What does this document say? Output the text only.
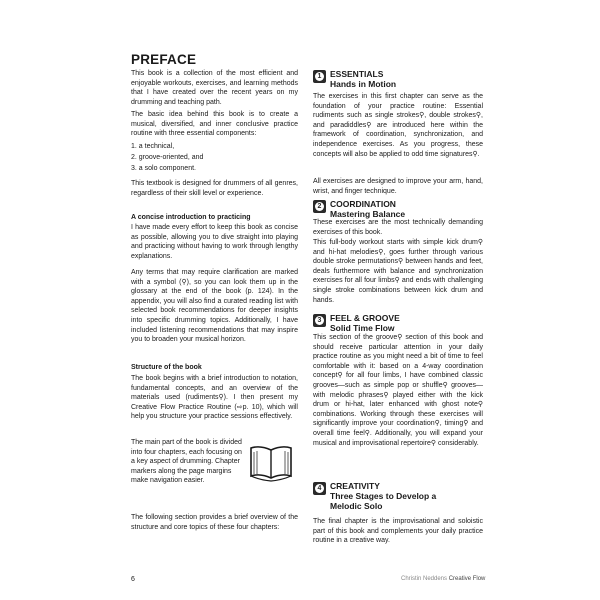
PREFACE

This book is a collection of the most efficient and enjoyable workouts, exercises, and learning methods that I have created over the recent years on my drumming and teaching path.

The basic idea behind this book is to create a musical, diversified, and inner conclusive practice routine with three essential components:

1. a technical,
2. groove-oriented, and
3. a solo component.

This textbook is designed for drummers of all genres, regardless of their skill level or experience.

A concise introduction to practicing

I have made every effort to keep this book as concise as possible, allowing you to dive straight into playing and practicing without having to work through lengthy explanations.

Any terms that may require clarification are marked with a symbol (⚲), so you can look them up in the glossary at the end of the book (p. 124). In the appendix, you will also find a curated reading list with selected book recommendations for deeper insights into specific drumming topics. Additionally, I have included listening recommendations that may inspire you to broaden your musical horizon.

Structure of the book

The book begins with a brief introduction to notation, fundamental concepts, and an overview of the materials used (rudiments⚲). I then present my Creative Flow Practice Routine (⇨p. 10), which will help you structure your practice sessions effectively.

The main part of the book is divided into four chapters, each focusing on a key aspect of drumming. Chapter markers along the page margins make navigation easier.

The following section provides a brief overview of the structure and core topics of these four chapters:

1 ESSENTIALS
Hands in Motion

The exercises in this first chapter can serve as the foundation of your practice routine: Essential rudiments such as single strokes⚲, double strokes⚲, and paradiddles⚲ are introduced here within the framework of coordination, synchronization, and independence exercises. As you progress, these concepts will also be applied to odd time signatures⚲.

All exercises are designed to improve your arm, hand, wrist, and finger technique.

2 COORDINATION
Mastering Balance

These exercises are the most technically demanding exercises of this book.

This full-body workout starts with simple kick drum⚲ and hi-hat melodies⚲, goes further through various double stroke permutations⚲ between hands and feet, deals furthermore with balance and synchronization exercises for all four limbs⚲ and ends with challenging single stroke combinations between kick drum and hands.

3 FEEL & GROOVE
Solid Time Flow

This section of the groove⚲ section of this book and should receive particular attention in your daily practice routine as you might need a bit of time to feel comfortable with it: based on a 4-way coordination concept⚲ for all four limbs, I have combined classic grooves—such as simple pop or shuffle⚲ grooves—with melodic phrases⚲ played either with the kick drum or hi-hat, later enhanced with ghost note⚲ combinations. Working through these exercises will significantly improve your coordination⚲, timing⚲ and overall time feel⚲. Additionally, you will expand your musical and improvisational repertoire⚲ considerably.

4 CREATIVITY
Three Stages to Develop a
Melodic Solo

The final chapter is the improvisational and soloistic part of this book and complements your daily practice routine in a creative way.

6	Christin Neddens Creative Flow
